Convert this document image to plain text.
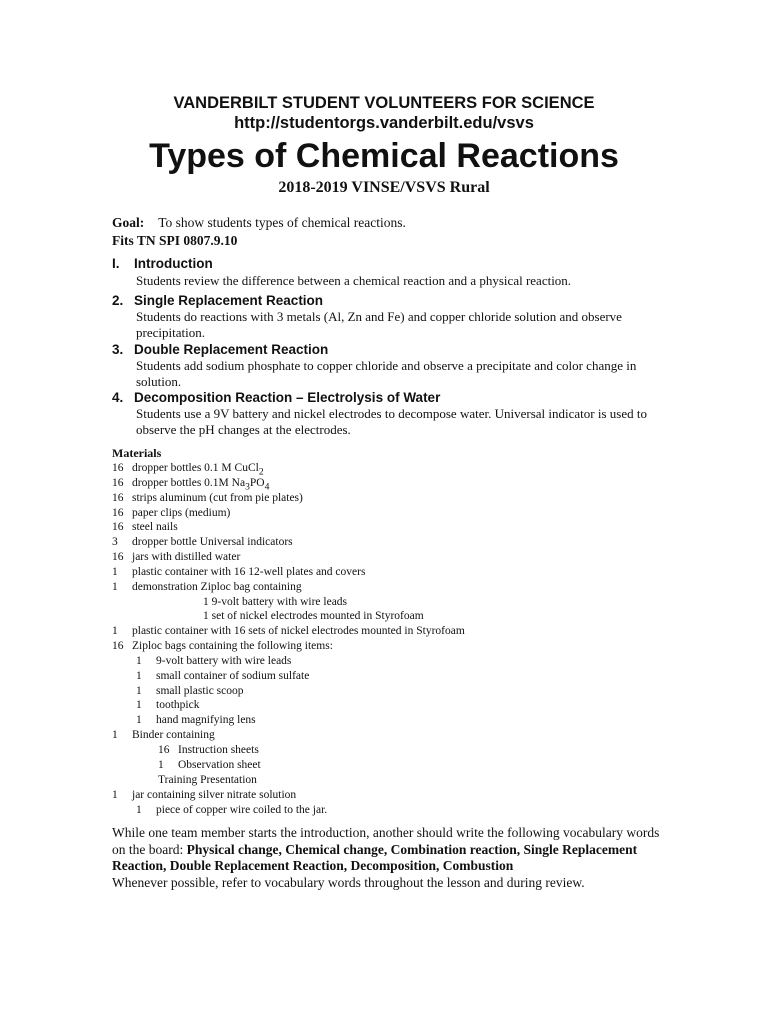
VANDERBILT STUDENT VOLUNTEERS FOR SCIENCE
http://studentorgs.vanderbilt.edu/vsvs
Types of Chemical Reactions
2018-2019 VINSE/VSVS Rural
Goal: To show students types of chemical reactions.
Fits TN SPI 0807.9.10
I. Introduction
Students review the difference between a chemical reaction and a physical reaction.
2. Single Replacement Reaction
Students do reactions with 3 metals (Al, Zn and Fe) and copper chloride solution and observe precipitation.
3. Double Replacement Reaction
Students add sodium phosphate to copper chloride and observe a precipitate and color change in solution.
4. Decomposition Reaction – Electrolysis of Water
Students use a 9V battery and nickel electrodes to decompose water. Universal indicator is used to observe the pH changes at the electrodes.
Materials
16 dropper bottles 0.1 M CuCl$_2$
16 dropper bottles 0.1M $Na_3PO_4$
16 strips aluminum (cut from pie plates)
16 paper clips (medium)
16 steel nails
3 dropper bottle Universal indicators
16 jars with distilled water
1 plastic container with 16 12-well plates and covers
1 demonstration Ziploc bag containing
1 9-volt battery with wire leads
1 set of nickel electrodes mounted in Styrofoam
1 plastic container with 16 sets of nickel electrodes mounted in Styrofoam
16 Ziploc bags containing the following items:
1 9-volt battery with wire leads
1 small container of sodium sulfate
1 small plastic scoop
1 toothpick
1 hand magnifying lens
1 Binder containing
16 Instruction sheets
1 Observation sheet
Training Presentation
1 jar containing silver nitrate solution
1 piece of copper wire coiled to the jar.
While one team member starts the introduction, another should write the following vocabulary words on the board: Physical change, Chemical change, Combination reaction, Single Replacement Reaction, Double Replacement Reaction, Decomposition, Combustion
Whenever possible, refer to vocabulary words throughout the lesson and during review.
